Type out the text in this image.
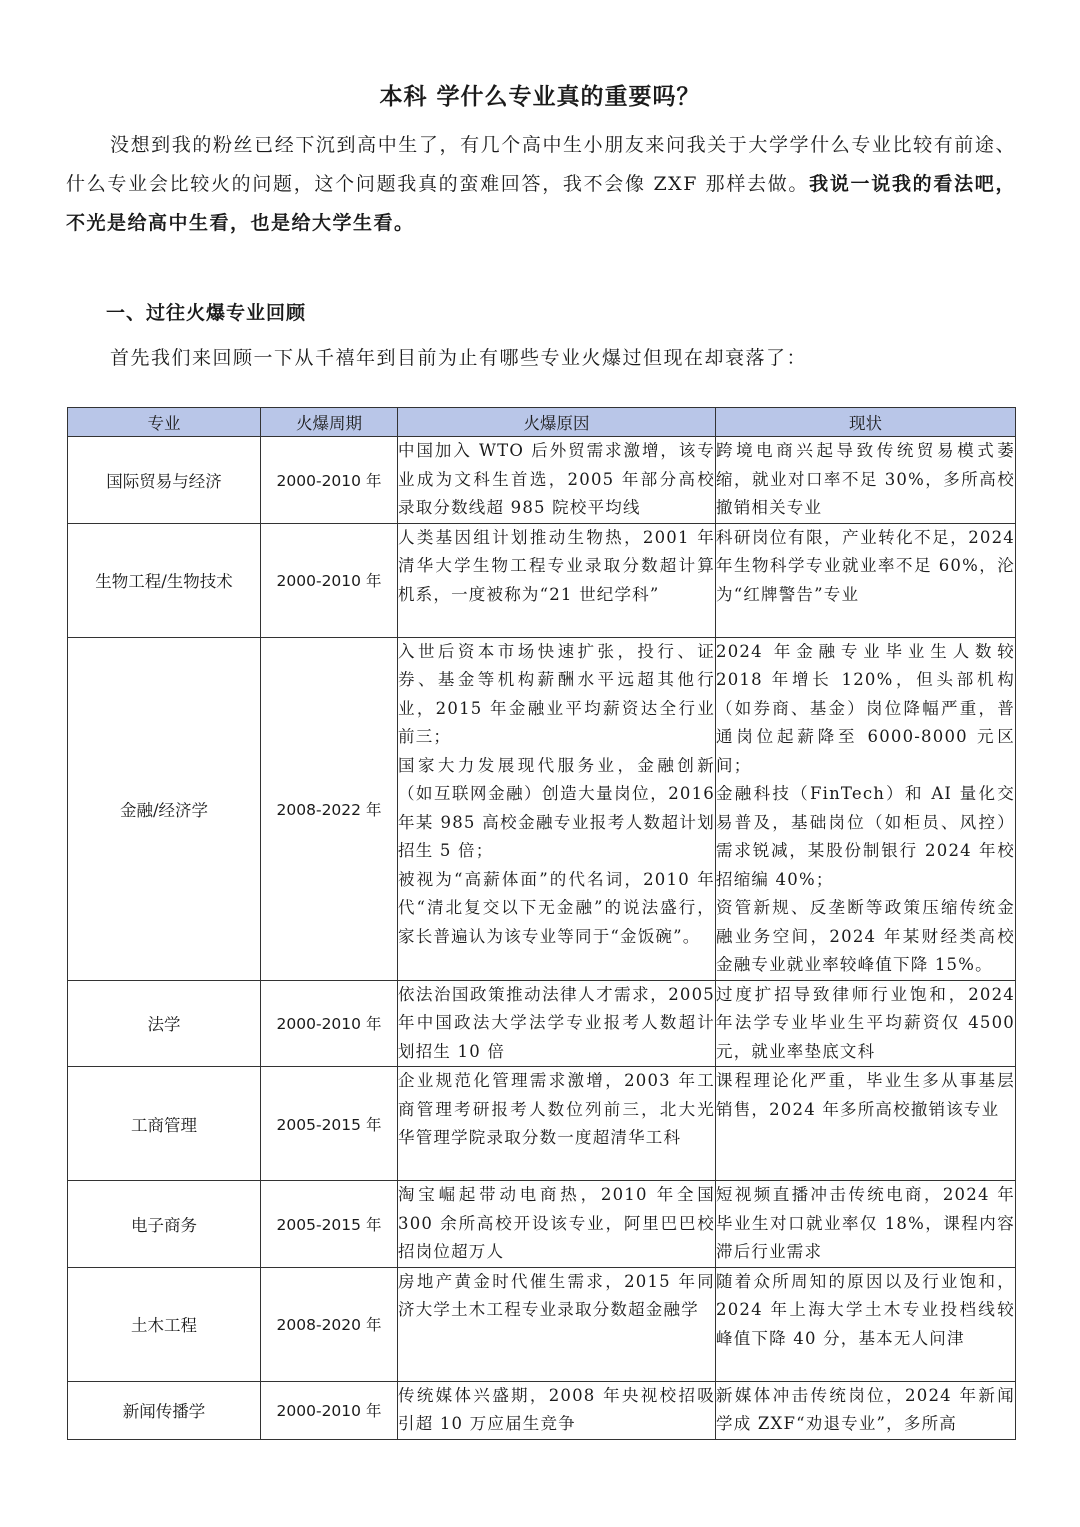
本科 学什么专业真的重要吗？
没想到我的粉丝已经下沉到高中生了，有几个高中生小朋友来问我关于大学学什么专业比较有前途、什么专业会比较火的问题，这个问题我真的蛮难回答，我不会像 ZXF 那样去做。我说一说我的看法吧，不光是给高中生看，也是给大学生看。
一、过往火爆专业回顾
首先我们来回顾一下从千禧年到目前为止有哪些专业火爆过但现在却衰落了：
专业	火爆周期	火爆原因	现状
国际贸易与经济	2000-2010 年	中国加入 WTO 后外贸需求激增，该专业成为文科生首选，2005 年部分高校录取分数线超 985 院校平均线	跨境电商兴起导致传统贸易模式萎缩，就业对口率不足 30%，多所高校撤销相关专业

生物工程/生物技术	2000-2010 年	人类基因组计划推动生物热，2001 年清华大学生物工程专业录取分数超计算机系，一度被称为“21 世纪学科”	科研岗位有限，产业转化不足，2024 年生物科学专业就业率不足 60%，沦为“红牌警告”专业

金融/经济学	2008-2022 年	入世后资本市场快速扩张，投行、证券、基金等机构薪酬水平远超其他行业，2015 年金融业平均薪资达全行业前三；
国家大力发展现代服务业，金融创新（如互联网金融）创造大量岗位，2016 年某 985 高校金融专业报考人数超计划招生 5 倍；
被视为“高薪体面”的代名词，2010 年代“清北复交以下无金融”的说法盛行，家长普遍认为该专业等同于“金饭碗”。	2024 年金融专业毕业生人数较 2018 年增长 120%，但头部机构（如券商、基金）岗位降幅严重，普通岗位起薪降至 6000-8000 元区间；
金融科技（FinTech）和 AI 量化交易普及，基础岗位（如柜员、风控）需求锐减，某股份制银行 2024 年校招缩编 40%；
资管新规、反垄断等政策压缩传统金融业务空间，2024 年某财经类高校金融专业就业率较峰值下降 15%。

法学	2000-2010 年	依法治国政策推动法律人才需求，2005 年中国政法大学法学专业报考人数超计划招生 10 倍	过度扩招导致律师行业饱和，2024 年法学专业毕业生平均薪资仅 4500 元，就业率垫底文科

工商管理	2005-2015 年	企业规范化管理需求激增，2003 年工商管理考研报考人数位列前三，北大光华管理学院录取分数一度超清华工科	课程理论化严重，毕业生多从事基层销售，2024 年多所高校撤销该专业

电子商务	2005-2015 年	淘宝崛起带动电商热，2010 年全国 300 余所高校开设该专业，阿里巴巴校招岗位超万人	短视频直播冲击传统电商，2024 年毕业生对口就业率仅 18%，课程内容滞后行业需求

土木工程	2008-2020 年	房地产黄金时代催生需求，2015 年同济大学土木工程专业录取分数超金融学	随着众所周知的原因以及行业饱和，2024 年上海大学土木专业投档线较峰值下降 40 分，基本无人问津

新闻传播学	2000-2010 年	传统媒体兴盛期，2008 年央视校招吸引超 10 万应届生竞争	新媒体冲击传统岗位，2024 年新闻学成 ZXF“劝退专业”，多所高
